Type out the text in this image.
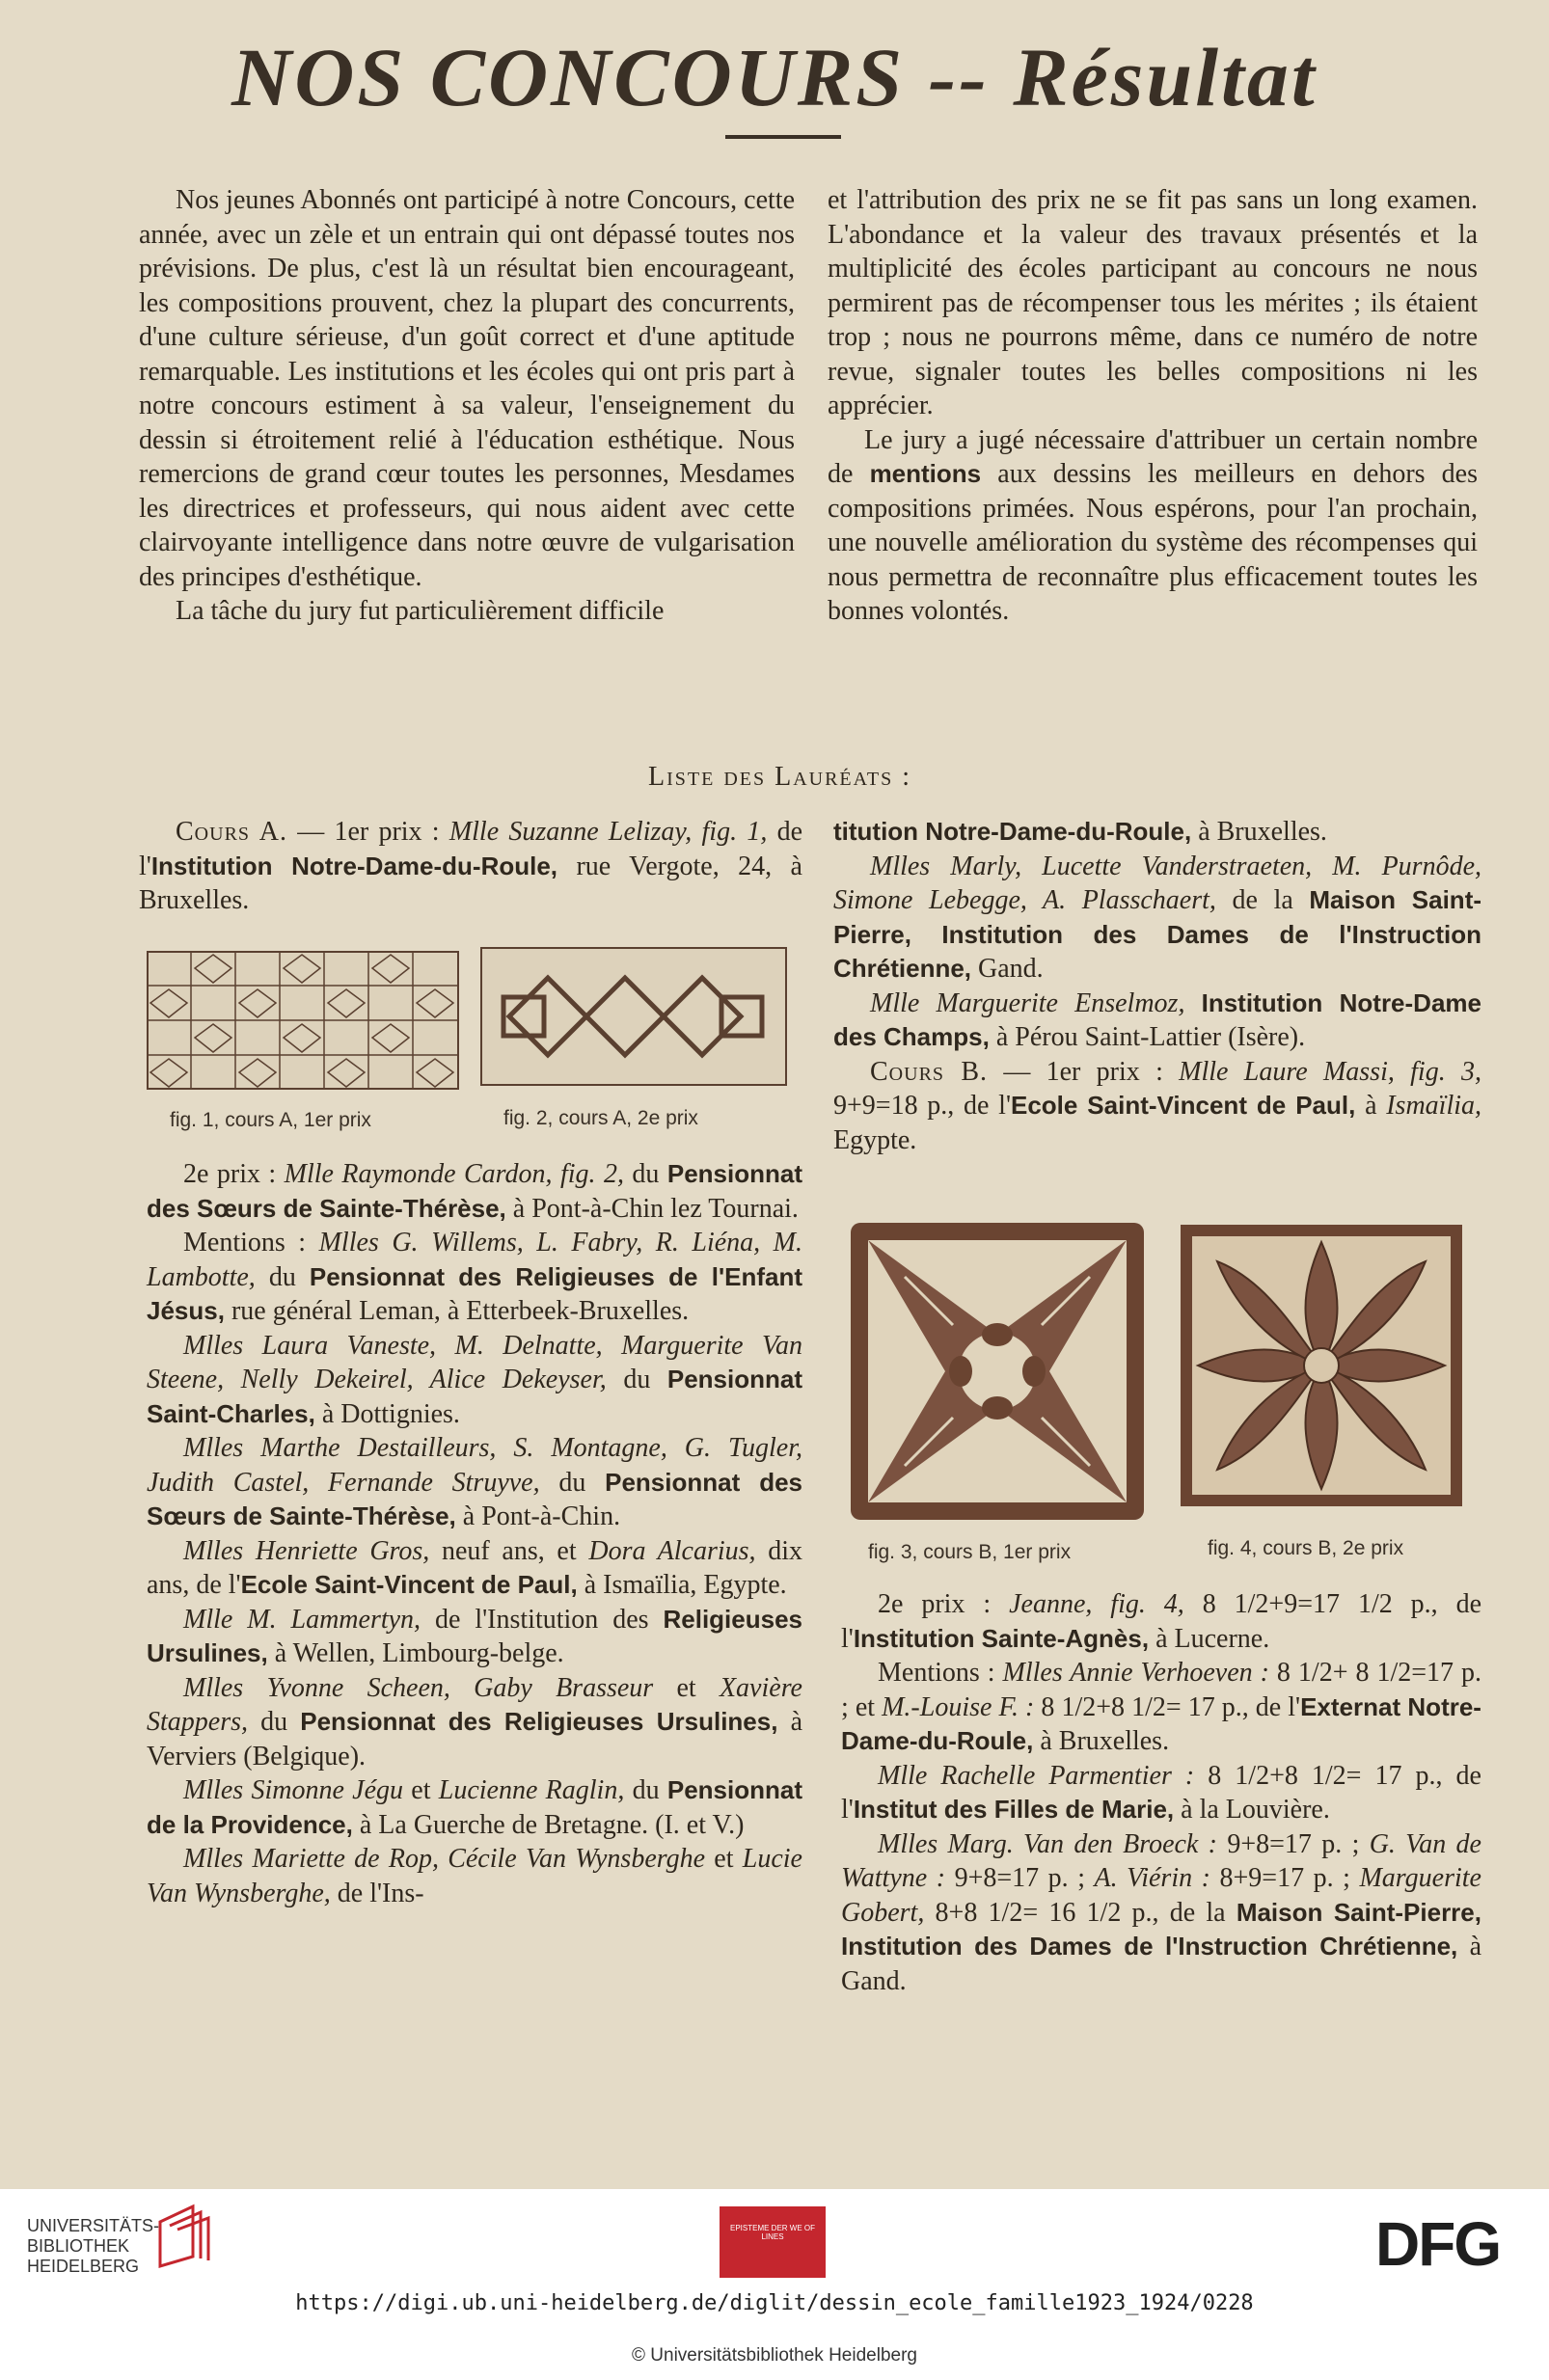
NOS CONCOURS -- Résultat

Nos jeunes Abonnés ont participé à notre Concours, cette année, avec un zèle et un entrain qui ont dépassé toutes nos prévisions. De plus, c'est là un résultat bien encourageant, les compositions prouvent, chez la plupart des concurrents, d'une culture sérieuse, d'un goût correct et d'une aptitude remarquable. Les institutions et les écoles qui ont pris part à notre concours estiment à sa valeur, l'enseignement du dessin si étroitement relié à l'éducation esthétique. Nous remercions de grand cœur toutes les personnes, Mesdames les directrices et professeurs, qui nous aident avec cette clairvoyante intelligence dans notre œuvre de vulgarisation des principes d'esthétique.

La tâche du jury fut particulièrement difficile

et l'attribution des prix ne se fit pas sans un long examen. L'abondance et la valeur des travaux présentés et la multiplicité des écoles participant au concours ne nous permirent pas de récompenser tous les mérites ; ils étaient trop ; nous ne pourrons même, dans ce numéro de notre revue, signaler toutes les belles compositions ni les apprécier.

Le jury a jugé nécessaire d'attribuer un certain nombre de mentions aux dessins les meilleurs en dehors des compositions primées. Nous espérons, pour l'an prochain, une nouvelle amélioration du système des récompenses qui nous permettra de reconnaître plus efficacement toutes les bonnes volontés.

Liste des Lauréats :

Cours A. — 1er prix : Mlle Suzanne Lelizay, fig. 1, de l'Institution Notre-Dame-du-Roule, rue Vergote, 24, à Bruxelles.

fig. 1, cours A, 1er prix	fig. 2, cours A, 2e prix

2e prix : Mlle Raymonde Cardon, fig. 2, du Pensionnat des Sœurs de Sainte-Thérèse, à Pont-à-Chin lez Tournai.

Mentions : Mlles G. Willems, L. Fabry, R. Liéna, M. Lambotte, du Pensionnat des Religieuses de l'Enfant Jésus, rue général Leman, à Etterbeek-Bruxelles.

Mlles Laura Vaneste, M. Delnatte, Marguerite Van Steene, Nelly Dekeirel, Alice Dekeyser, du Pensionnat Saint-Charles, à Dottignies.

Mlles Marthe Destailleurs, S. Montagne, G. Tugler, Judith Castel, Fernande Struyve, du Pensionnat des Sœurs de Sainte-Thérèse, à Pont-à-Chin.

Mlles Henriette Gros, neuf ans, et Dora Alcarius, dix ans, de l'Ecole Saint-Vincent de Paul, à Ismaïlia, Egypte.

Mlle M. Lammertyn, de l'Institution des Religieuses Ursulines, à Wellen, Limbourg-belge.

Mlles Yvonne Scheen, Gaby Brasseur et Xavière Stappers, du Pensionnat des Religieuses Ursulines, à Verviers (Belgique).

Mlles Simonne Jégu et Lucienne Raglin, du Pensionnat de la Providence, à La Guerche de Bretagne. (I. et V.)

Mlles Mariette de Rop, Cécile Van Wynsberghe et Lucie Van Wynsberghe, de l'Ins-

titution Notre-Dame-du-Roule, à Bruxelles.

Mlles Marly, Lucette Vanderstraeten, M. Purnôde, Simone Lebegge, A. Plasschaert, de la Maison Saint-Pierre, Institution des Dames de l'Instruction Chrétienne, Gand.

Mlle Marguerite Enselmoz, Institution Notre-Dame des Champs, à Pérou Saint-Lattier (Isère).

Cours B. — 1er prix : Mlle Laure Massi, fig. 3, 9+9=18 p., de l'Ecole Saint-Vincent de Paul, à Ismaïlia, Egypte.

fig. 3, cours B, 1er prix	fig. 4, cours B, 2e prix

2e prix : Jeanne, fig. 4, 8 1/2+9=17 1/2 p., de l'Institution Sainte-Agnès, à Lucerne.

Mentions : Mlles Annie Verhoeven : 8 1/2+ 8 1/2=17 p. ; et M.-Louise F. : 8 1/2+8 1/2= 17 p., de l'Externat Notre-Dame-du-Roule, à Bruxelles.

Mlle Rachelle Parmentier : 8 1/2+8 1/2= 17 p., de l'Institut des Filles de Marie, à la Louvière.

Mlles Marg. Van den Broeck : 9+8=17 p. ; G. Van de Wattyne : 9+8=17 p. ; A. Viérin : 8+9=17 p. ; Marguerite Gobert, 8+8 1/2= 16 1/2 p., de la Maison Saint-Pierre, Institution des Dames de l'Instruction Chrétienne, à Gand.

UNIVERSITÄTS-
BIBLIOTHEK
HEIDELBERG
EPISTEME DER WE OF LINES	DFG
https://digi.ub.uni-heidelberg.de/diglit/dessin_ecole_famille1923_1924/0228
© Universitätsbibliothek Heidelberg
